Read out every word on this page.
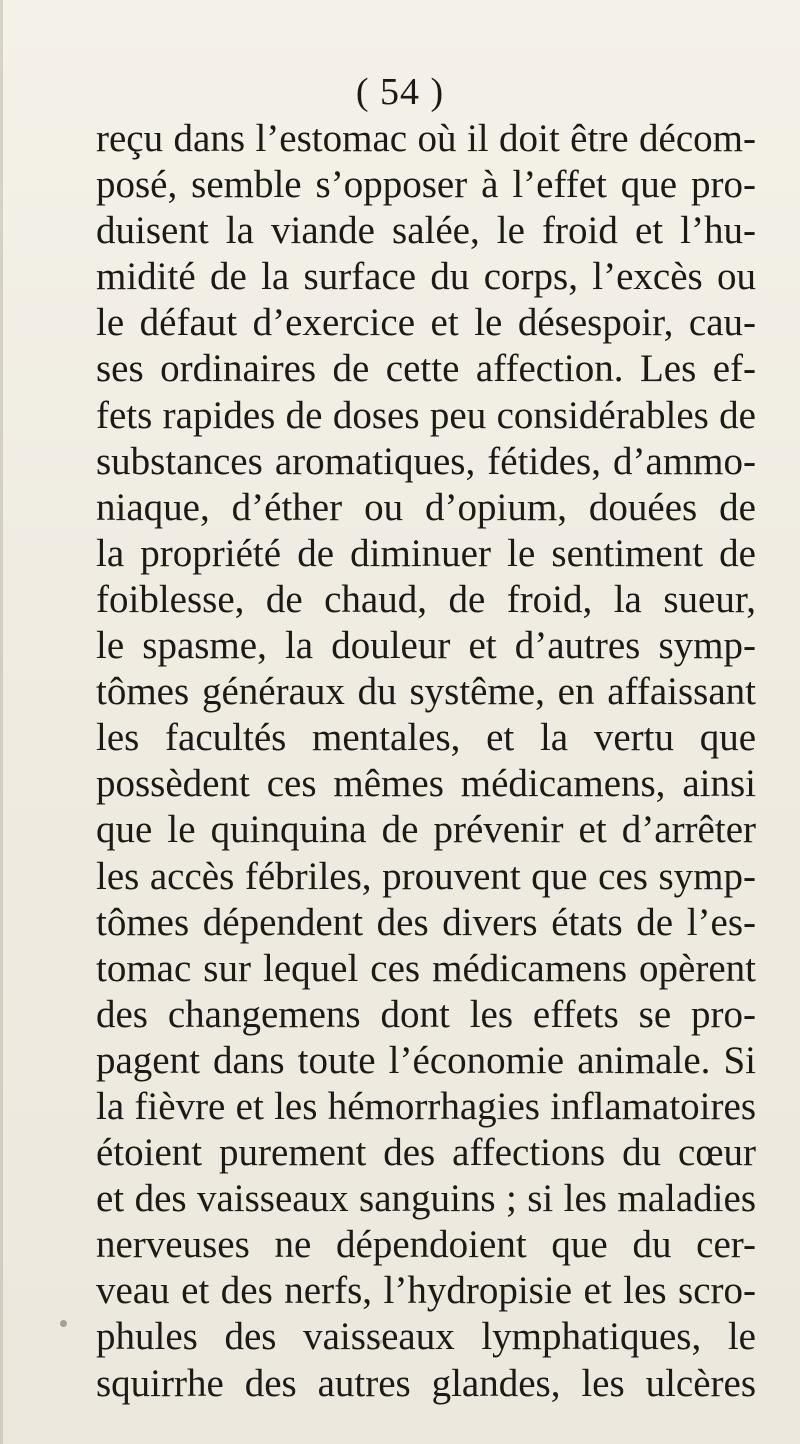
( 54 )
reçu dans l’estomac où il doit être décom-
posé, semble s’opposer à l’effet que pro-
duisent la viande salée, le froid et l’hu-
midité de la surface du corps, l’excès ou
le défaut d’exercice et le désespoir, cau-
ses ordinaires de cette affection. Les ef-
fets rapides de doses peu considérables de
substances aromatiques, fétides, d’ammo-
niaque, d’éther ou d’opium, douées de
la propriété de diminuer le sentiment de
foiblesse, de chaud, de froid, la sueur,
le spasme, la douleur et d’autres symp-
tômes généraux du systême, en affaissant
les facultés mentales, et la vertu que
possèdent ces mêmes médicamens, ainsi
que le quinquina de prévenir et d’arrêter
les accès fébriles, prouvent que ces symp-
tômes dépendent des divers états de l’es-
tomac sur lequel ces médicamens opèrent
des changemens dont les effets se pro-
pagent dans toute l’économie animale. Si
la fièvre et les hémorrhagies inflamatoires
étoient purement des affections du cœur
et des vaisseaux sanguins ; si les maladies
nerveuses ne dépendoient que du cer-
veau et des nerfs, l’hydropisie et les scro-
phules des vaisseaux lymphatiques, le
squirrhe des autres glandes, les ulcères
